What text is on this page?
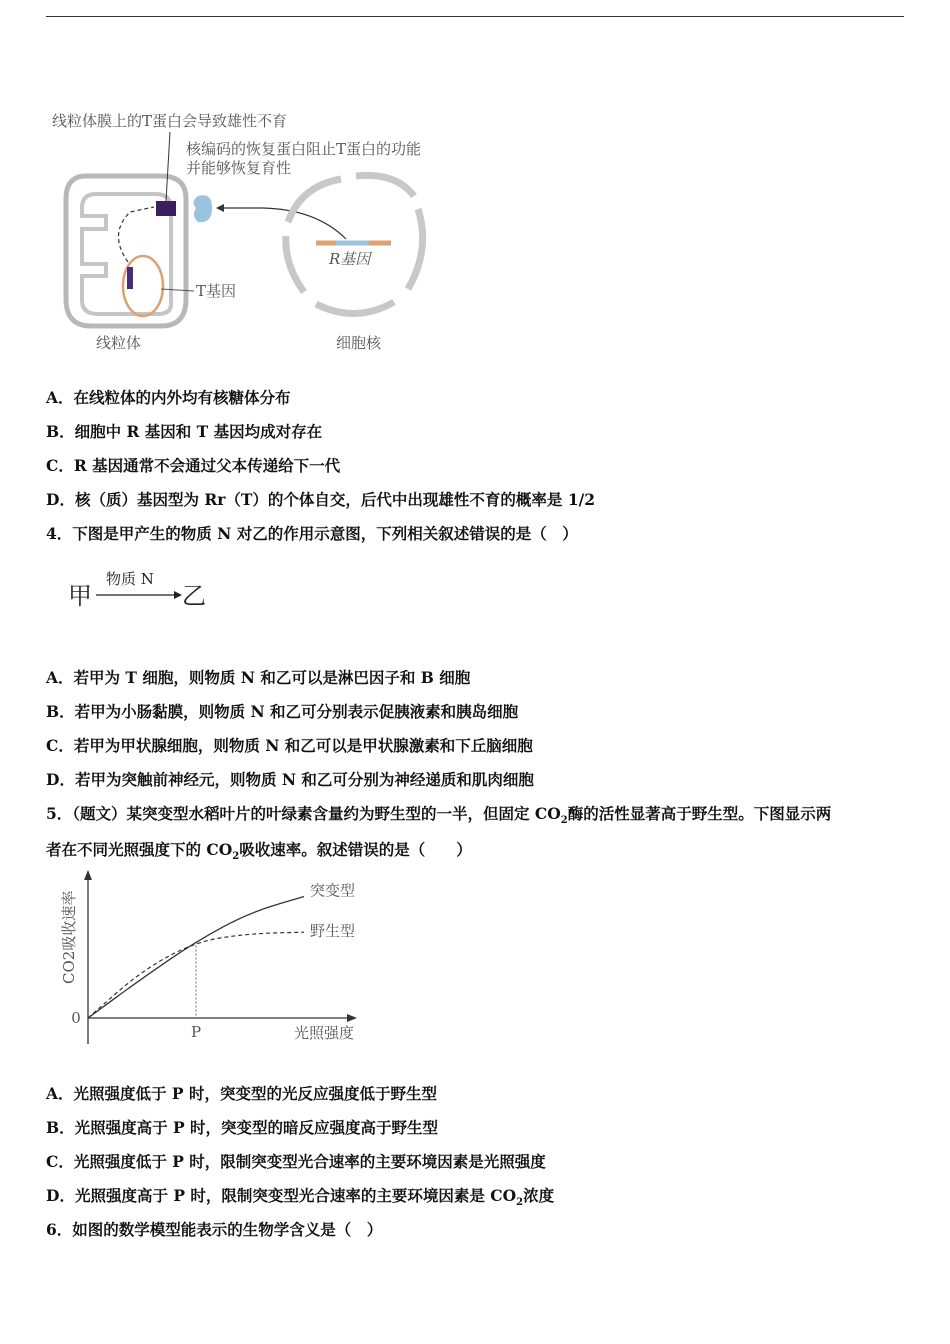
线粒体膜上的T蛋白会导致雄性不育
核编码的恢复蛋白阻止T蛋白的功能
并能够恢复育性
R基因
T基因
线粒体	细胞核
A．在线粒体的内外均有核糖体分布
B．细胞中 R 基因和 T 基因均成对存在
C．R 基因通常不会通过父本传递给下一代
D．核（质）基因型为 Rr（T）的个体自交，后代中出现雄性不育的概率是 1/2
4．下图是甲产生的物质 N 对乙的作用示意图，下列相关叙述错误的是（　）
甲
物质 N
乙
A．若甲为 T 细胞，则物质 N 和乙可以是淋巴因子和 B 细胞
B．若甲为小肠黏膜，则物质 N 和乙可分别表示促胰液素和胰岛细胞
C．若甲为甲状腺细胞，则物质 N 和乙可以是甲状腺激素和下丘脑细胞
D．若甲为突触前神经元，则物质 N 和乙可分别为神经递质和肌肉细胞
5．（题文）某突变型水稻叶片的叶绿素含量约为野生型的一半，但固定 $CO_2$酶的活性显著高于野生型。下图显示两
者在不同光照强度下的 $CO_2$吸收速率。叙述错误的是（　　）
0
CO2吸收速率
光照强度
P
突变型
野生型
A．光照强度低于 P 时，突变型的光反应强度低于野生型
B．光照强度高于 P 时，突变型的暗反应强度高于野生型
C．光照强度低于 P 时，限制突变型光合速率的主要环境因素是光照强度
D．光照强度高于 P 时，限制突变型光合速率的主要环境因素是 $CO_2$浓度
6．如图的数学模型能表示的生物学含义是（　）
